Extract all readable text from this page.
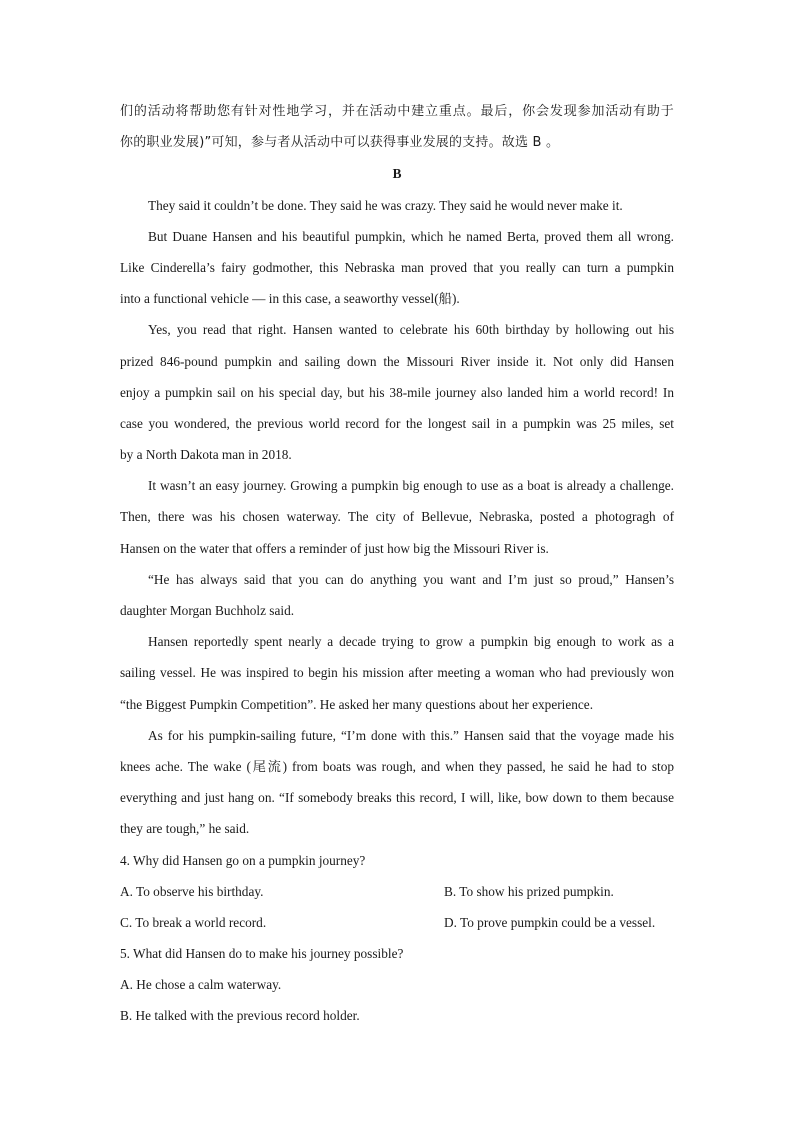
们的活动将帮助您有针对性地学习，并在活动中建立重点。最后，你会发现参加活动有助于

你的职业发展)”可知，参与者从活动中可以获得事业发展的支持。故选 B 。

B

They said it couldn’t be done. They said he was crazy. They said he would never make it.

But Duane Hansen and his beautiful pumpkin, which he named Berta, proved them all wrong.

Like Cinderella’s fairy godmother, this Nebraska man proved that you really can turn a pumpkin

into a functional vehicle — in this case, a seaworthy vessel(船).

Yes, you read that right. Hansen wanted to celebrate his 60th birthday by hollowing out his

prized 846-pound pumpkin and sailing down the Missouri River inside it. Not only did Hansen

enjoy a pumpkin sail on his special day, but his 38-mile journey also landed him a world record! In

case you wondered, the previous world record for the longest sail in a pumpkin was 25 miles, set

by a North Dakota man in 2018.

It wasn’t an easy journey. Growing a pumpkin big enough to use as a boat is already a challenge.

Then, there was his chosen waterway. The city of Bellevue, Nebraska, posted a photogragh of

Hansen on the water that offers a reminder of just how big the Missouri River is.

“He has always said that you can do anything you want and I’m just so proud,” Hansen’s

daughter Morgan Buchholz said.

Hansen reportedly spent nearly a decade trying to grow a pumpkin big enough to work as a

sailing vessel. He was inspired to begin his mission after meeting a woman who had previously won

“the Biggest Pumpkin Competition”. He asked her many questions about her experience.

As for his pumpkin-sailing future, “I’m done with this.” Hansen said that the voyage made his

knees ache. The wake (尾流) from boats was rough, and when they passed, he said he had to stop

everything and just hang on. “If somebody breaks this record, I will, like, bow down to them because

they are tough,” he said.

4. Why did Hansen go on a pumpkin journey?

A. To observe his birthday.	B. To show his prized pumpkin.
C. To break a world record.	D. To prove pumpkin could be a vessel.

5. What did Hansen do to make his journey possible?

A. He chose a calm waterway.

B. He talked with the previous record holder.
